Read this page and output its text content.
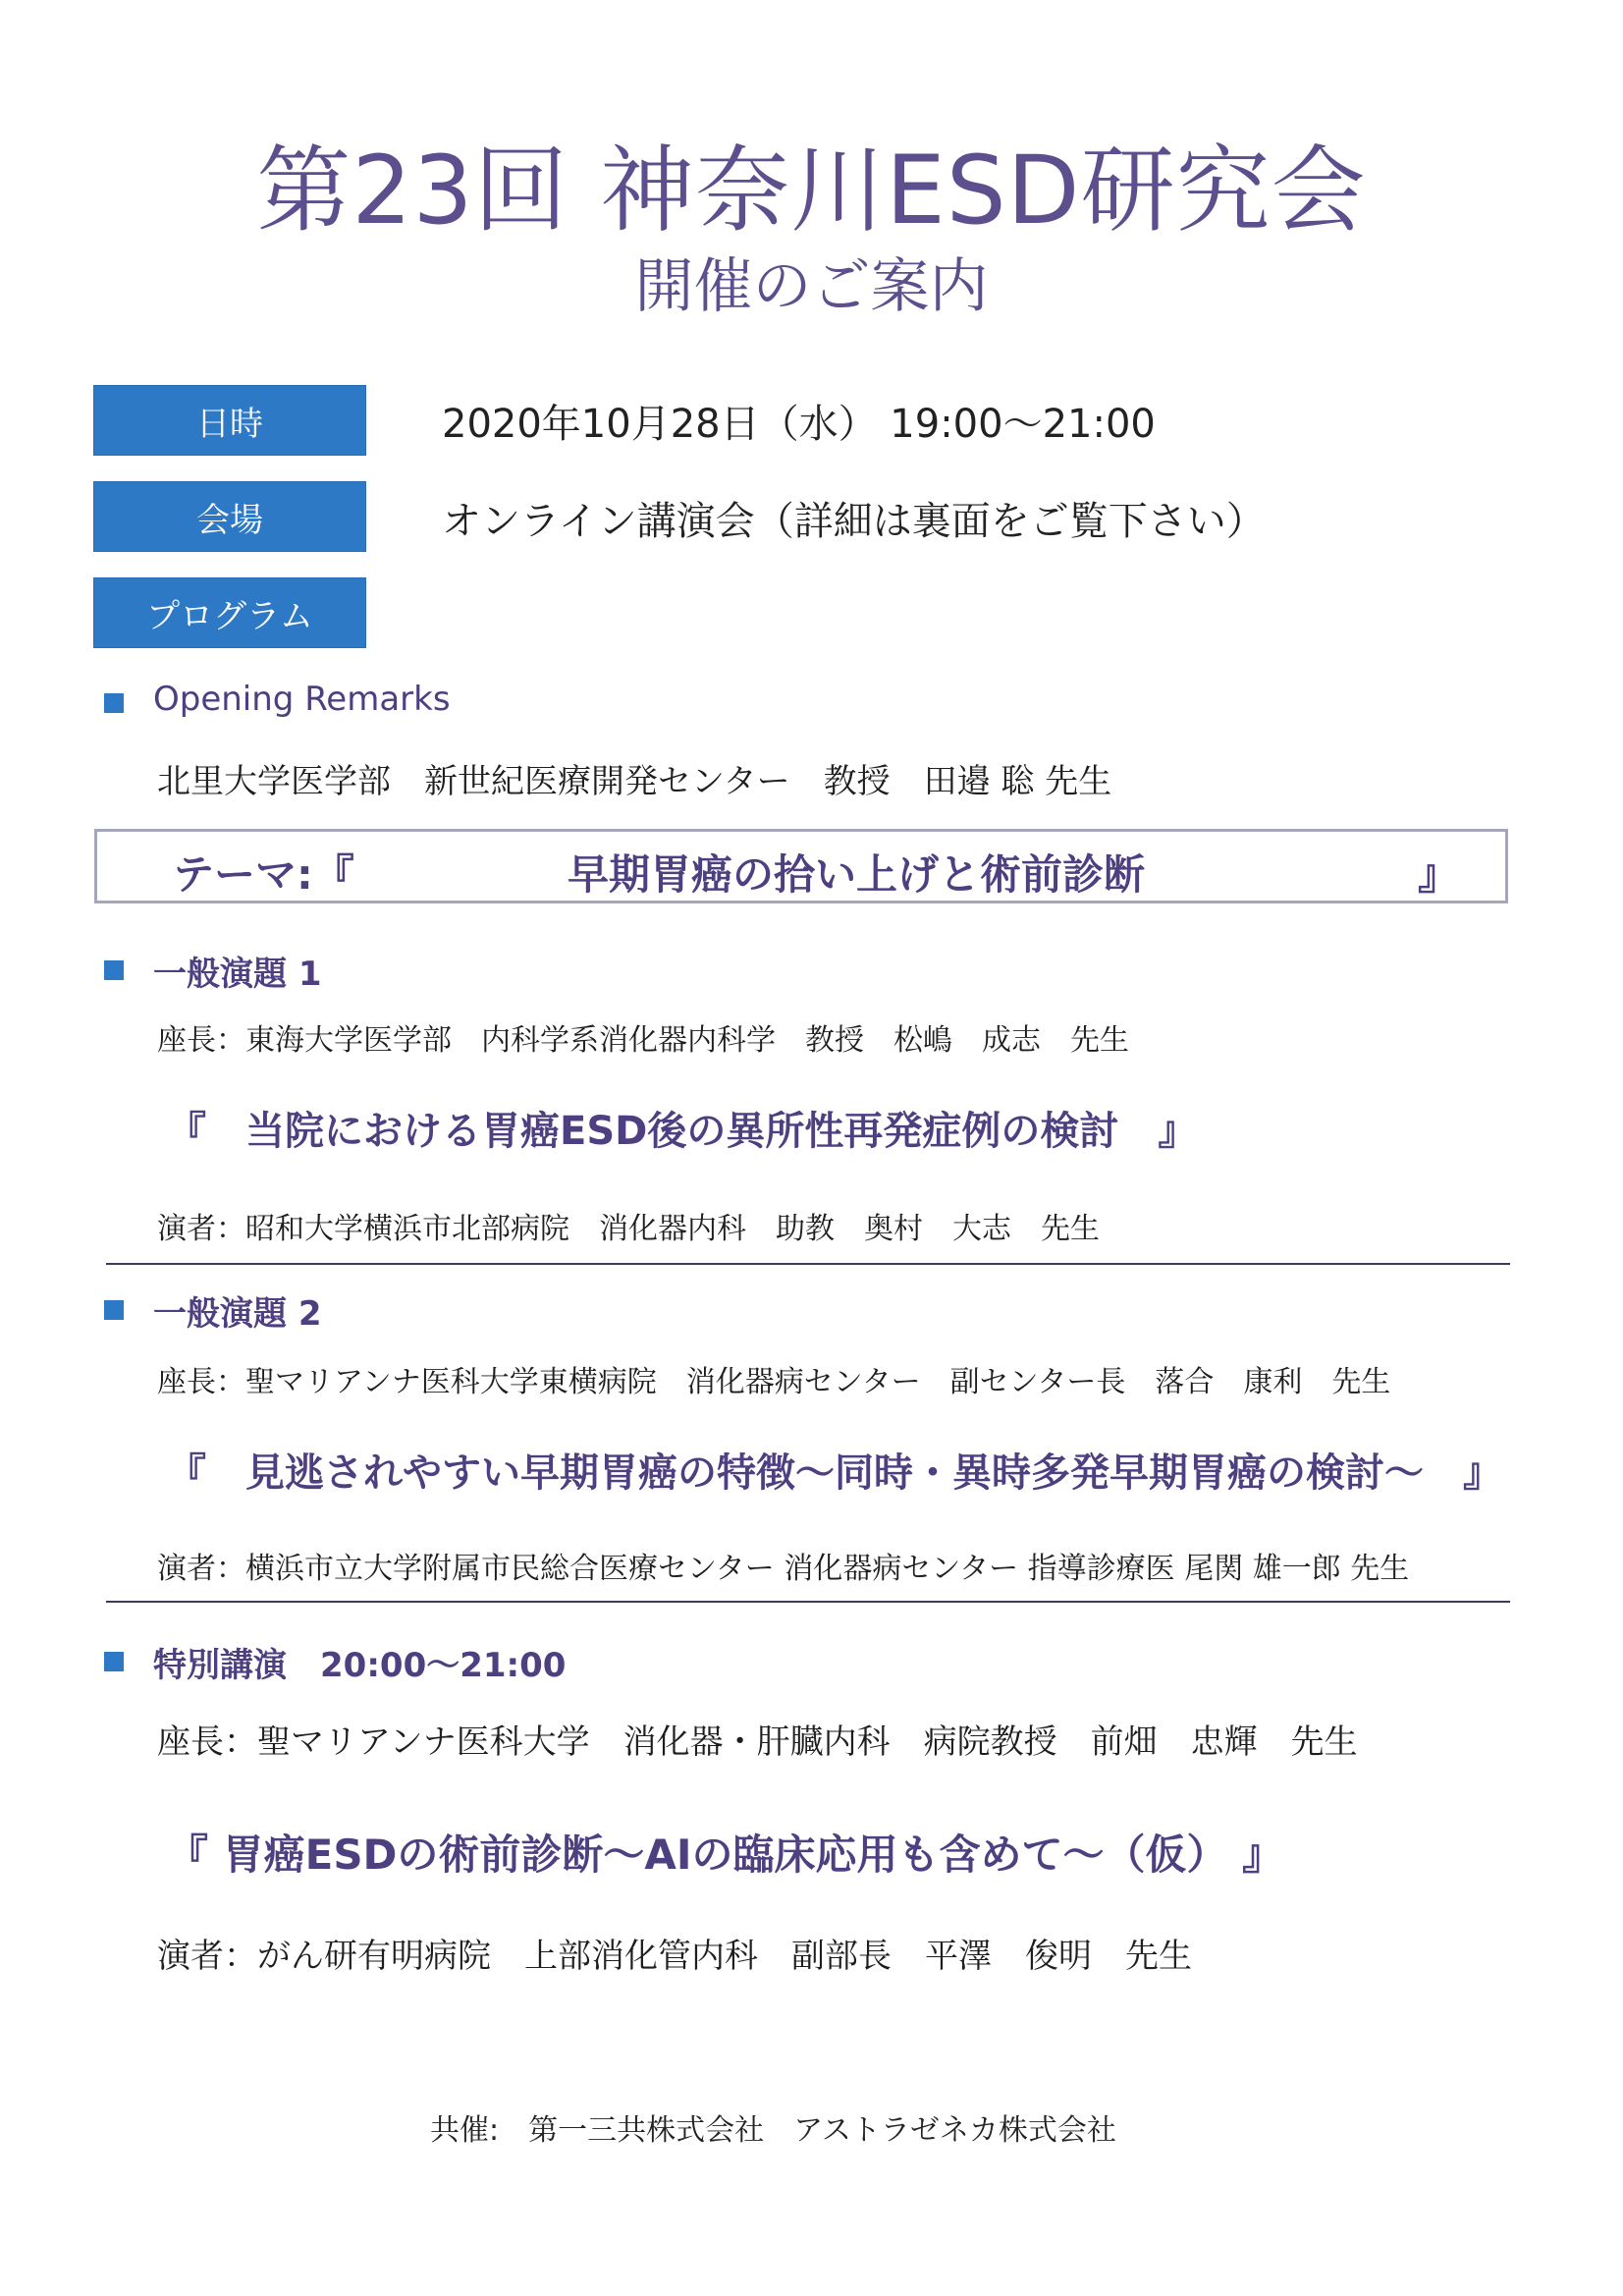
第23回 神奈川ESD研究会
開催のご案内
日時	2020年10月28日（水） 19:00～21:00
会場	オンライン講演会（詳細は裏面をご覧下さい）
プログラム
Opening Remarks
北里大学医学部　新世紀医療開発センター　教授　田邉 聡 先生
テーマ:『	早期胃癌の拾い上げと術前診断	』
一般演題 1
座長：東海大学医学部　内科学系消化器内科学　教授　松嶋　成志　先生
『　当院における胃癌ESD後の異所性再発症例の検討　』
演者：昭和大学横浜市北部病院　消化器内科　助教　奥村　大志　先生
一般演題 2
座長：聖マリアンナ医科大学東横病院　消化器病センター　副センター長　落合　康利　先生
『　見逃されやすい早期胃癌の特徴～同時・異時多発早期胃癌の検討～　』
演者：横浜市立大学附属市民総合医療センター 消化器病センター 指導診療医 尾関 雄一郎 先生
特別講演　20:00～21:00
座長：聖マリアンナ医科大学　消化器・肝臓内科　病院教授　前畑　忠輝　先生
『 胃癌ESDの術前診断～AIの臨床応用も含めて～（仮） 』
演者：がん研有明病院　上部消化管内科　副部長　平澤　俊明　先生
共催:　第一三共株式会社　アストラゼネカ株式会社
